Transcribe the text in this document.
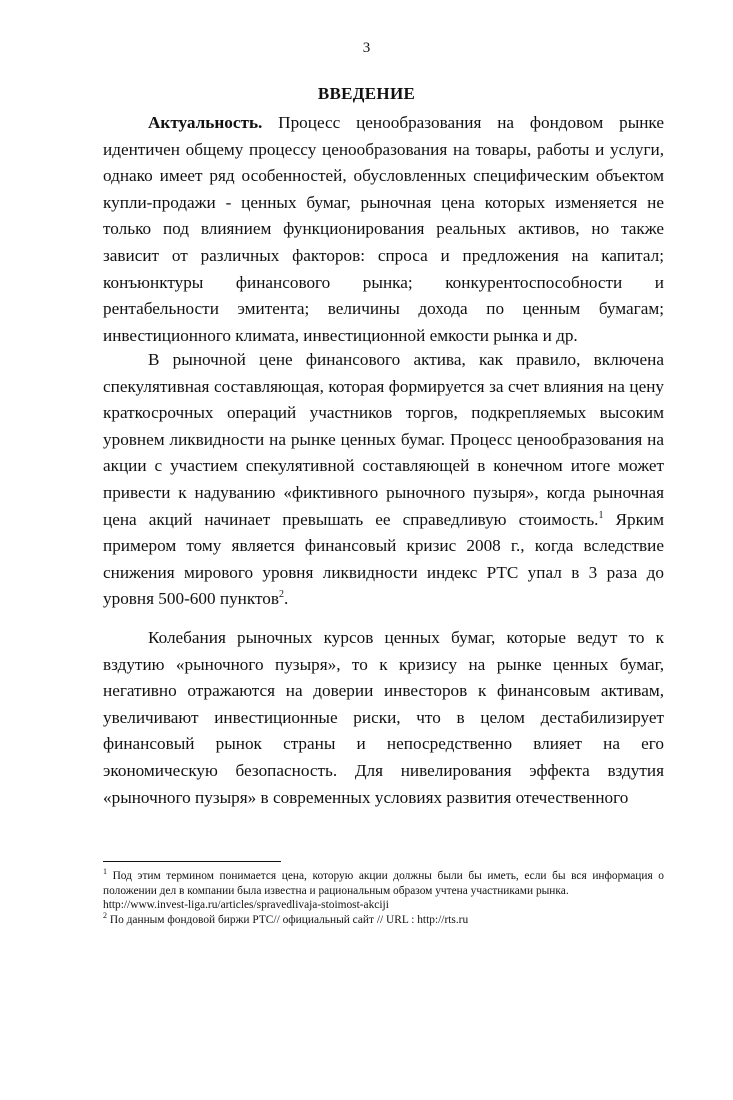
3
ВВЕДЕНИЕ

Актуальность. Процесс ценообразования на фондовом рынке идентичен общему процессу ценообразования на товары, работы и услуги, однако имеет ряд особенностей, обусловленных специфическим объектом купли-продажи - ценных бумаг, рыночная цена которых изменяется не только под влиянием функционирования реальных активов, но также зависит от различных факторов: спроса и предложения на капитал; конъюнктуры финансового рынка; конкурентоспособности и рентабельности эмитента; величины дохода по ценным бумагам; инвестиционного климата, инвестиционной емкости рынка и др.

В рыночной цене финансового актива, как правило, включена спекулятивная составляющая, которая формируется за счет влияния на цену краткосрочных операций участников торгов, подкрепляемых высоким уровнем ликвидности на рынке ценных бумаг. Процесс ценообразования на акции с участием спекулятивной составляющей в конечном итоге может привести к надуванию «фиктивного рыночного пузыря», когда рыночная цена акций начинает превышать ее справедливую стоимость.$^1$ Ярким примером тому является финансовый кризис 2008 г., когда вследствие снижения мирового уровня ликвидности индекс РТС упал в 3 раза до уровня 500-600 пунктов$^2$.

Колебания рыночных курсов ценных бумаг, которые ведут то к вздутию «рыночного пузыря», то к кризису на рынке ценных бумаг, негативно отражаются на доверии инвесторов к финансовым активам, увеличивают инвестиционные риски, что в целом дестабилизирует финансовый рынок страны и непосредственно влияет на его экономическую безопасность. Для нивелирования эффекта вздутия «рыночного пузыря» в современных условиях развития отечественного

$^1$ Под этим термином понимается цена, которую акции должны были бы иметь, если бы вся информация о положении дел в компании была известна и рациональным образом учтена участниками рынка.

http://www.invest-liga.ru/articles/spravedlivaja-stoimost-akciji

$^2$ По данным фондовой биржи РТС// официальный сайт // URL : http://rts.ru
